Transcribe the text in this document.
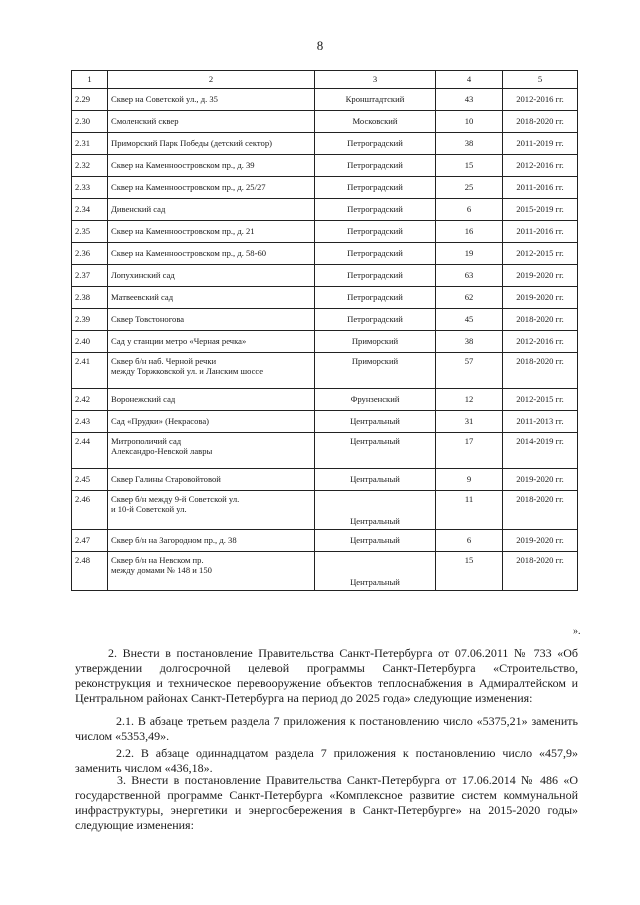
8
1	2	3	4	5
2.29	Сквер на Советской ул., д. 35	Кронштадтский	43	2012-2016 гг.
2.30	Смоленский сквер	Московский	10	2018-2020 гг.
2.31	Приморский Парк Победы (детский сектор)	Петроградский	38	2011-2019 гг.
2.32	Сквер на Каменноостровском пр., д. 39	Петроградский	15	2012-2016 гг.
2.33	Сквер на Каменноостровском пр., д. 25/27	Петроградский	25	2011-2016 гг.
2.34	Дивенский сад	Петроградский	6	2015-2019 гг.
2.35	Сквер на Каменноостровском пр., д. 21	Петроградский	16	2011-2016 гг.
2.36	Сквер на Каменноостровском пр., д. 58-60	Петроградский	19	2012-2015 гг.
2.37	Лопухинский сад	Петроградский	63	2019-2020 гг.
2.38	Матвеевский сад	Петроградский	62	2019-2020 гг.
2.39	Сквер Товстоногова	Петроградский	45	2018-2020 гг.
2.40	Сад у станции метро «Черная речка»	Приморский	38	2012-2016 гг.
2.41	Сквер б/н наб. Черной речки
между Торжковской ул. и Ланским шоссе	Приморский	57	2018-2020 гг.
2.42	Воронежский сад	Фрунзенский	12	2012-2015 гг.
2.43	Сад «Прудки» (Некрасова)	Центральный	31	2011-2013 гг.
2.44	Митрополичий сад
Александро-Невской лавры	Центральный	17	2014-2019 гг.
2.45	Сквер Галины Старовойтовой	Центральный	9	2019-2020 гг.
2.46	Сквер б/н между 9-й Советской ул.
и 10-й Советской ул.	Центральный	11	2018-2020 гг.
2.47	Сквер б/н на Загородном пр., д. 38	Центральный	6	2019-2020 гг.
2.48	Сквер б/н на Невском пр.
между домами № 148 и 150	Центральный	15	2018-2020 гг.
».
2. Внести в постановление Правительства Санкт-Петербурга от 07.06.2011 № 733 «Об утверждении долгосрочной целевой программы Санкт-Петербурга «Строительство, реконструкция и техническое перевооружение объектов теплоснабжения в Адмиралтейском и Центральном районах Санкт-Петербурга на период до 2025 года» следующие изменения:
2.1. В абзаце третьем раздела 7 приложения к постановлению число «5375,21» заменить числом «5353,49».
2.2. В абзаце одиннадцатом раздела 7 приложения к постановлению число «457,9» заменить числом «436,18».
3. Внести в постановление Правительства Санкт-Петербурга от 17.06.2014 № 486 «О государственной программе Санкт-Петербурга «Комплексное развитие систем коммунальной инфраструктуры, энергетики и энергосбережения в Санкт-Петербурге» на 2015-2020 годы» следующие изменения:
